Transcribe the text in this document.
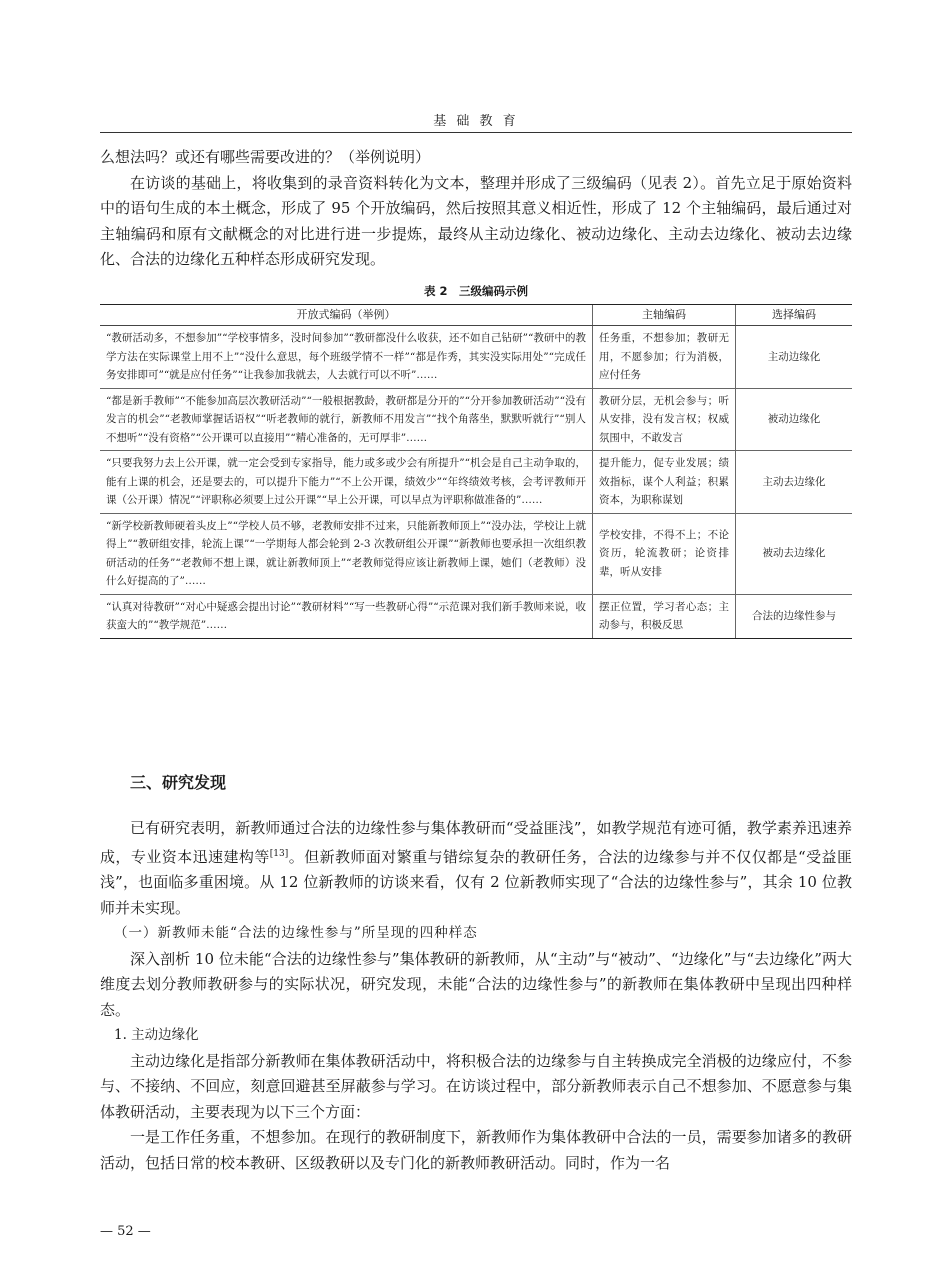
基 础 教 育

么想法吗？或还有哪些需要改进的？（举例说明）

在访谈的基础上，将收集到的录音资料转化为文本，整理并形成了三级编码（见表 2）。首先立足于原始资料中的语句生成的本土概念，形成了 95 个开放编码，然后按照其意义相近性，形成了 12 个主轴编码，最后通过对主轴编码和原有文献概念的对比进行进一步提炼，最终从主动边缘化、被动边缘化、主动去边缘化、被动去边缘化、合法的边缘化五种样态形成研究发现。

表 2　三级编码示例
开放式编码（举例）	主轴编码	选择编码
“教研活动多，不想参加”“学校事情多，没时间参加”“教研都没什么收获，还不如自己钻研”“教研中的教学方法在实际课堂上用不上”“没什么意思，每个班级学情不一样”“都是作秀，其实没实际用处”“完成任务安排即可”“就是应付任务”“让我参加我就去，人去就行可以不听”……	任务重，不想参加；教研无用，不愿参加；行为消极，应付任务	主动边缘化
“都是新手教师”“不能参加高层次教研活动”“一般根据教龄，教研都是分开的”“分开参加教研活动”“没有发言的机会”“老教师掌握话语权”“听老教师的就行，新教师不用发言”“找个角落坐，默默听就行”“别人不想听”“没有资格”“公开课可以直接用”“精心准备的，无可厚非”……	教研分层，无机会参与；听从安排，没有发言权；权威氛围中，不敢发言	被动边缘化
“只要我努力去上公开课，就一定会受到专家指导，能力或多或少会有所提升”“机会是自己主动争取的，能有上课的机会，还是要去的，可以提升下能力”“不上公开课，绩效少”“年终绩效考核，会考评教师开课（公开课）情况”“评职称必须要上过公开课”“早上公开课，可以早点为评职称做准备的”……	提升能力，促专业发展；绩效指标，谋个人利益；积累资本，为职称谋划	主动去边缘化
“新学校新教师硬着头皮上”“学校人员不够，老教师安排不过来，只能新教师顶上”“没办法，学校让上就得上”“教研组安排，轮流上课”“一学期每人都会轮到 2-3 次教研组公开课”“新教师也要承担一次组织教研活动的任务”“老教师不想上课，就让新教师顶上”“老教师觉得应该让新教师上课，她们（老教师）没什么好提高的了”……	学校安排，不得不上；不论资历，轮流教研；论资排辈，听从安排	被动去边缘化
“认真对待教研”“对心中疑惑会提出讨论”“教研材料”“写一些教研心得”“示范课对我们新手教师来说，收获蛮大的”“教学规范”……	摆正位置，学习者心态；主动参与，积极反思	合法的边缘性参与
三、研究发现

已有研究表明，新教师通过合法的边缘性参与集体教研而“受益匪浅”，如教学规范有迹可循，教学素养迅速养成，专业资本迅速建构等[13]。但新教师面对繁重与错综复杂的教研任务，合法的边缘参与并不仅仅都是“受益匪浅”，也面临多重困境。从 12 位新教师的访谈来看，仅有 2 位新教师实现了“合法的边缘性参与”，其余 10 位教师并未实现。

（一）新教师未能“合法的边缘性参与”所呈现的四种样态

深入剖析 10 位未能“合法的边缘性参与”集体教研的新教师，从“主动”与“被动”、“边缘化”与“去边缘化”两大维度去划分教师教研参与的实际状况，研究发现，未能“合法的边缘性参与”的新教师在集体教研中呈现出四种样态。

1. 主动边缘化

主动边缘化是指部分新教师在集体教研活动中，将积极合法的边缘参与自主转换成完全消极的边缘应付，不参与、不接纳、不回应，刻意回避甚至屏蔽参与学习。在访谈过程中，部分新教师表示自己不想参加、不愿意参与集体教研活动，主要表现为以下三个方面：

一是工作任务重，不想参加。在现行的教研制度下，新教师作为集体教研中合法的一员，需要参加诸多的教研活动，包括日常的校本教研、区级教研以及专门化的新教师教研活动。同时，作为一名

— 52 —
